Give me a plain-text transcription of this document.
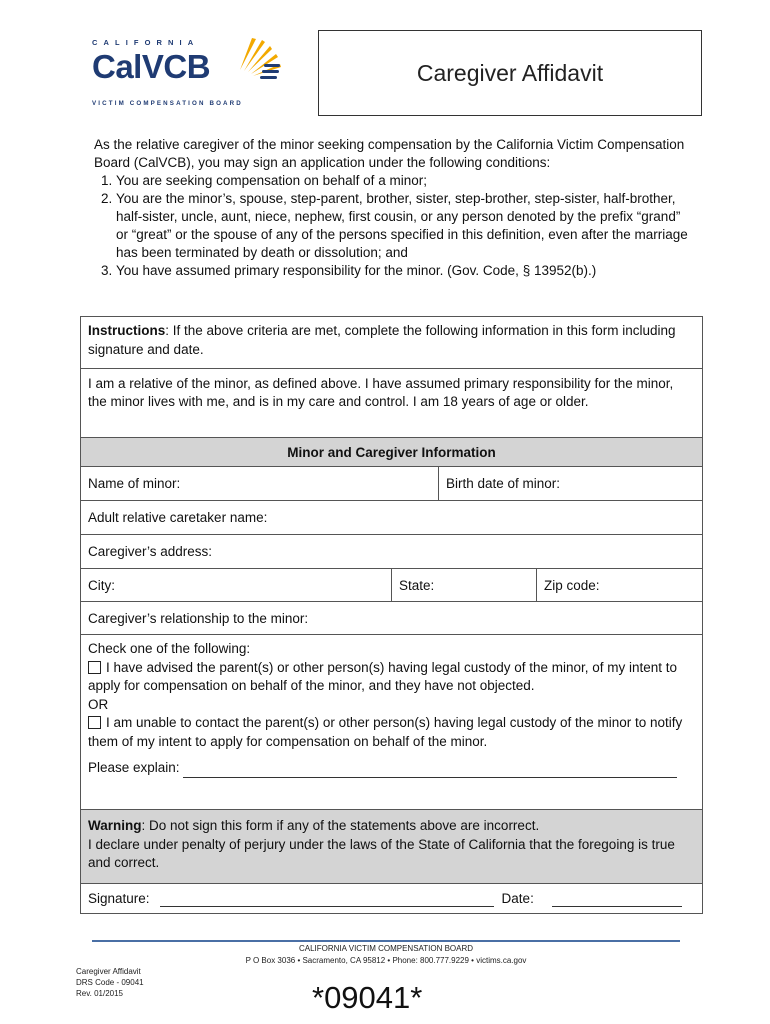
CALIFORNIA
CalVCB
VICTIM COMPENSATION BOARD
Caregiver Affidavit

As the relative caregiver of the minor seeking compensation by the California Victim Compensation Board (CalVCB), you may sign an application under the following conditions:

1. You are seeking compensation on behalf of a minor;
2. You are the minor’s, spouse, step-parent, brother, sister, step-brother, step-sister, half-brother, half-sister, uncle, aunt, niece, nephew, first cousin, or any person denoted by the prefix “grand” or “great” or the spouse of any of the persons specified in this definition, even after the marriage has been terminated by death or dissolution; and
3. You have assumed primary responsibility for the minor. (Gov. Code, § 13952(b).)
Instructions: If the above criteria are met, complete the following information in this form including signature and date.
I am a relative of the minor, as defined above. I have assumed primary responsibility for the minor, the minor lives with me, and is in my care and control. I am 18 years of age or older.
Minor and Caregiver Information
Name of minor:	Birth date of minor:
Adult relative caretaker name:
Caregiver’s address:
City:	State:	Zip code:
Caregiver’s relationship to the minor:
Check one of the following:
I have advised the parent(s) or other person(s) having legal custody of the minor, of my intent to apply for compensation on behalf of the minor, and they have not objected.
OR
I am unable to contact the parent(s) or other person(s) having legal custody of the minor to notify them of my intent to apply for compensation on behalf of the minor.
Please explain:
Warning: Do not sign this form if any of the statements above are incorrect.
I declare under penalty of perjury under the laws of the State of California that the foregoing is true and correct.
Signature:	Date:
CALIFORNIA VICTIM COMPENSATION BOARD
P O Box 3036 • Sacramento, CA 95812 • Phone: 800.777.9229 • victims.ca.gov
Caregiver Affidavit
DRS Code - 09041
Rev. 01/2015	*09041*
